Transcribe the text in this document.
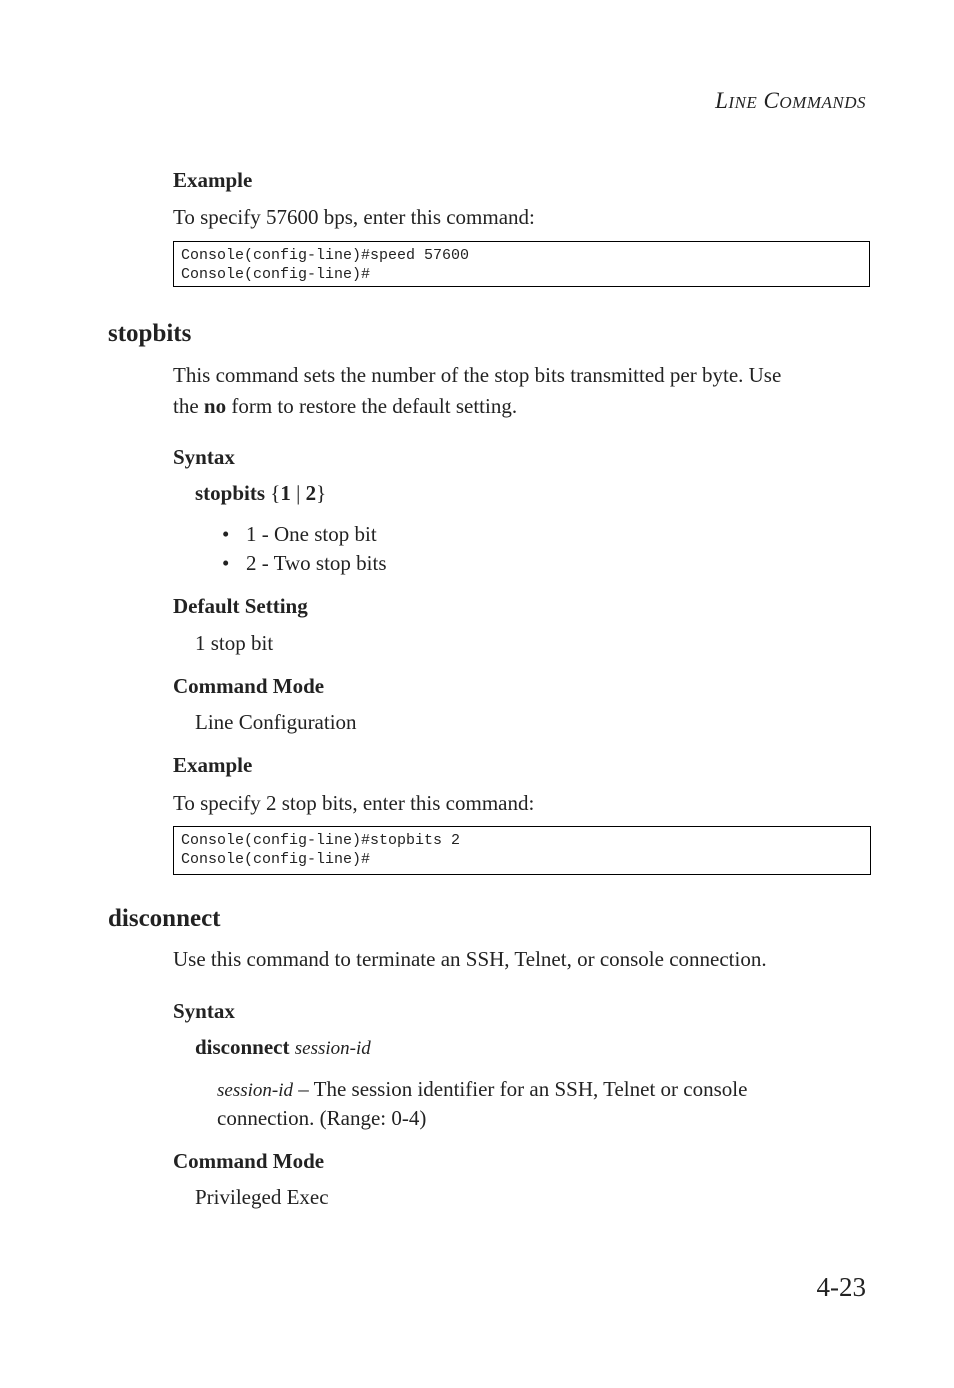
LINE COMMANDS
Example
To specify 57600 bps, enter this command:
Console(config-line)#speed 57600
Console(config-line)#
stopbits
This command sets the number of the stop bits transmitted per byte. Use
the no form to restore the default setting.
Syntax
stopbits {1 | 2}
• 1 - One stop bit
• 2 - Two stop bits
Default Setting
1 stop bit
Command Mode
Line Configuration
Example
To specify 2 stop bits, enter this command:
Console(config-line)#stopbits 2
Console(config-line)#
disconnect
Use this command to terminate an SSH, Telnet, or console connection.
Syntax
disconnect session-id
session-id – The session identifier for an SSH, Telnet or console
connection. (Range: 0-4)
Command Mode
Privileged Exec
4-23
